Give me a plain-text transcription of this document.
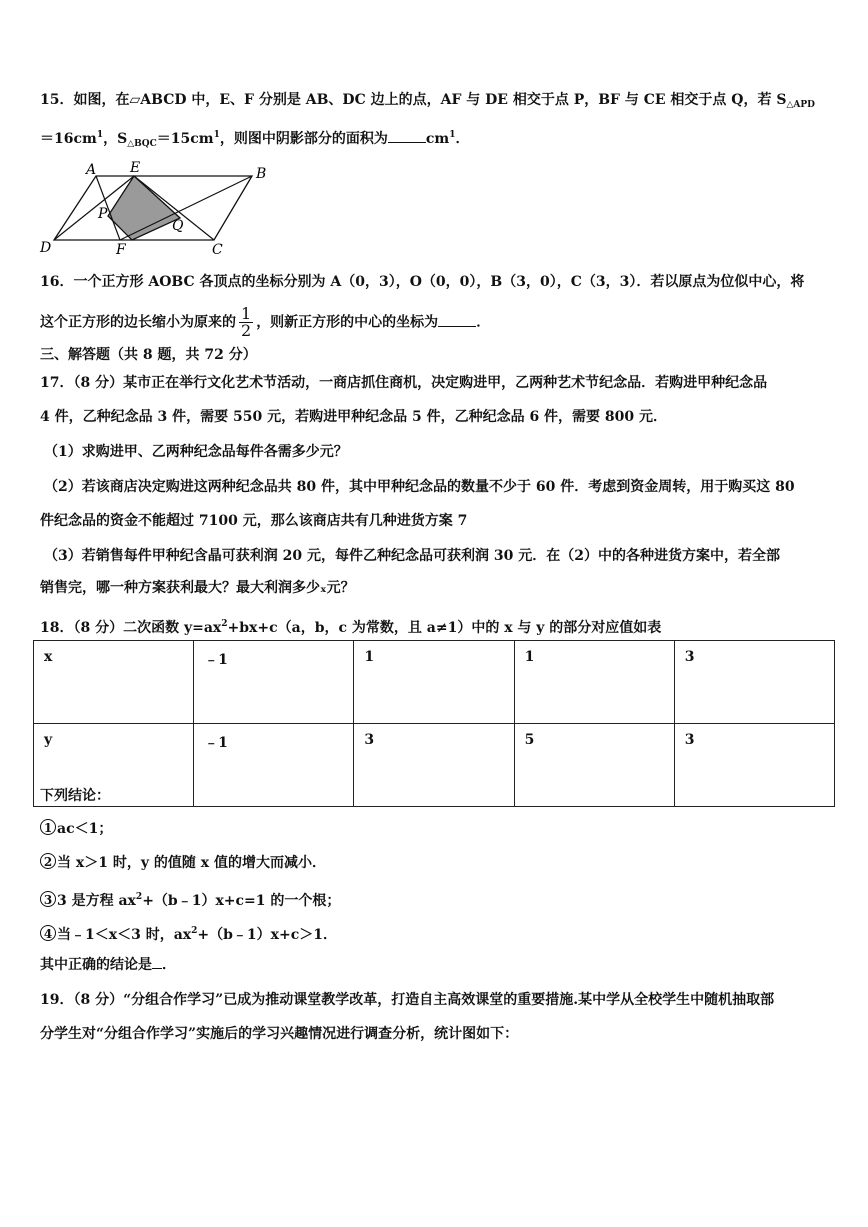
15．如图，在▱ABCD 中，E、F 分别是 AB、DC 边上的点，AF 与 DE 相交于点 P，BF 与 CE 相交于点 Q，若 $S_{\triangle APD}$
$=16cm^1$，$S_{\triangle BQC}=15cm^1$，则图中阴影部分的面积为	$cm^1$．
A E	B
P
Q
D	F	C
16．一个正方形 AOBC 各顶点的坐标分别为 A（0，3），O（0，0），B（3，0），C（3，3）．若以原点为位似中心，将
这个正方形的边长缩小为原来的 $\frac{1}{2}$ ，则新正方形的中心的坐标为	．
三、解答题（共 8 题，共 72 分）
17．（8 分）某市正在举行文化艺术节活动，一商店抓住商机，决定购进甲，乙两种艺术节纪念品．若购进甲种纪念品
4 件，乙种纪念品 3 件，需要 550 元，若购进甲种纪念品 5 件，乙种纪念品 6 件，需要 800 元．
（1）求购进甲、乙两种纪念品每件各需多少元？
（2）若该商店决定购进这两种纪念品共 80 件，其中甲种纪念品的数量不少于 60 件．考虑到资金周转，用于购买这 80
件纪念品的资金不能超过 7100 元，那么该商店共有几种进货方案 7
（3）若销售每件甲种纪含晶可获利润 20 元，每件乙种纪念品可获利润 30 元．在（2）中的各种进货方案中，若全部
销售完，哪一种方案获利最大？最大利润多少ₓ元？
18．（8 分）二次函数 $y=ax^2+bx+c(a$，b，c 为常数，且 a≠1）中的 x 与 y 的部分对应值如表
x	﹣1	1	1	3
y	﹣1	3	5	3
下列结论：
1 ac＜1；
2 当 x＞1 时，y 的值随 x 值的增大而减小．
3 3 是方程 $ax^2+(b﹣1)x+c=1$ 的一个根；
4 当﹣1＜x＜3 时，$ax^2+(b﹣1)x+c>1$．
其中正确的结论是 ．
19．（8 分）“分组合作学习”已成为推动课堂教学改革，打造自主高效课堂的重要措施.某中学从全校学生中随机抽取部
分学生对“分组合作学习”实施后的学习兴趣情况进行调查分析，统计图如下：
